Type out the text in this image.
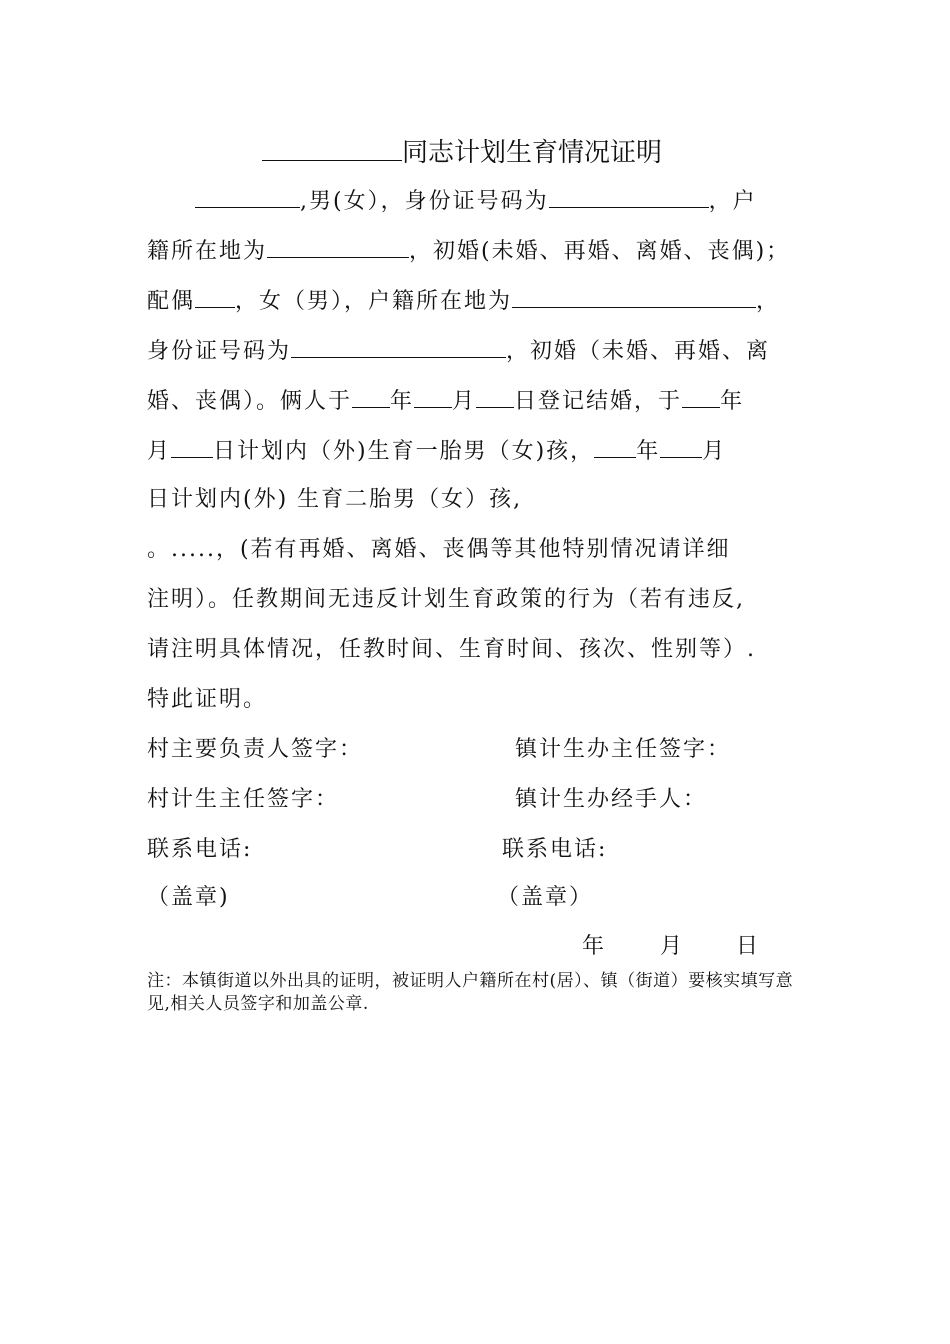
同志计划生育情况证明

,男(女），身份证号码为	，户

籍所在地为	，初婚(未婚、再婚、离婚、丧偶)；

配偶 ，女（男），户籍所在地为	，

身份证号码为	，初婚（未婚、再婚、离

婚、丧偶）。俩人于 年 月 日登记结婚，于 年

月 日计划内（外)生育一胎男（女)孩， 年 月

日计划内(外) 生育二胎男（女）孩,

。.....，(若有再婚、离婚、丧偶等其他特别情况请详细

注明）。任教期间无违反计划生育政策的行为（若有违反,

请注明具体情况，任教时间、生育时间、孩次、性别等）.

特此证明。

村主要负责人签字：	镇计生办主任签字：

村计生主任签字：	镇计生办经手人：

联系电话:	联系电话:

（盖章)	（盖章）

年 月 日

注：本镇街道以外出具的证明，被证明人户籍所在村(居）、镇（街道）要核实填写意见,相关人员签字和加盖公章.
